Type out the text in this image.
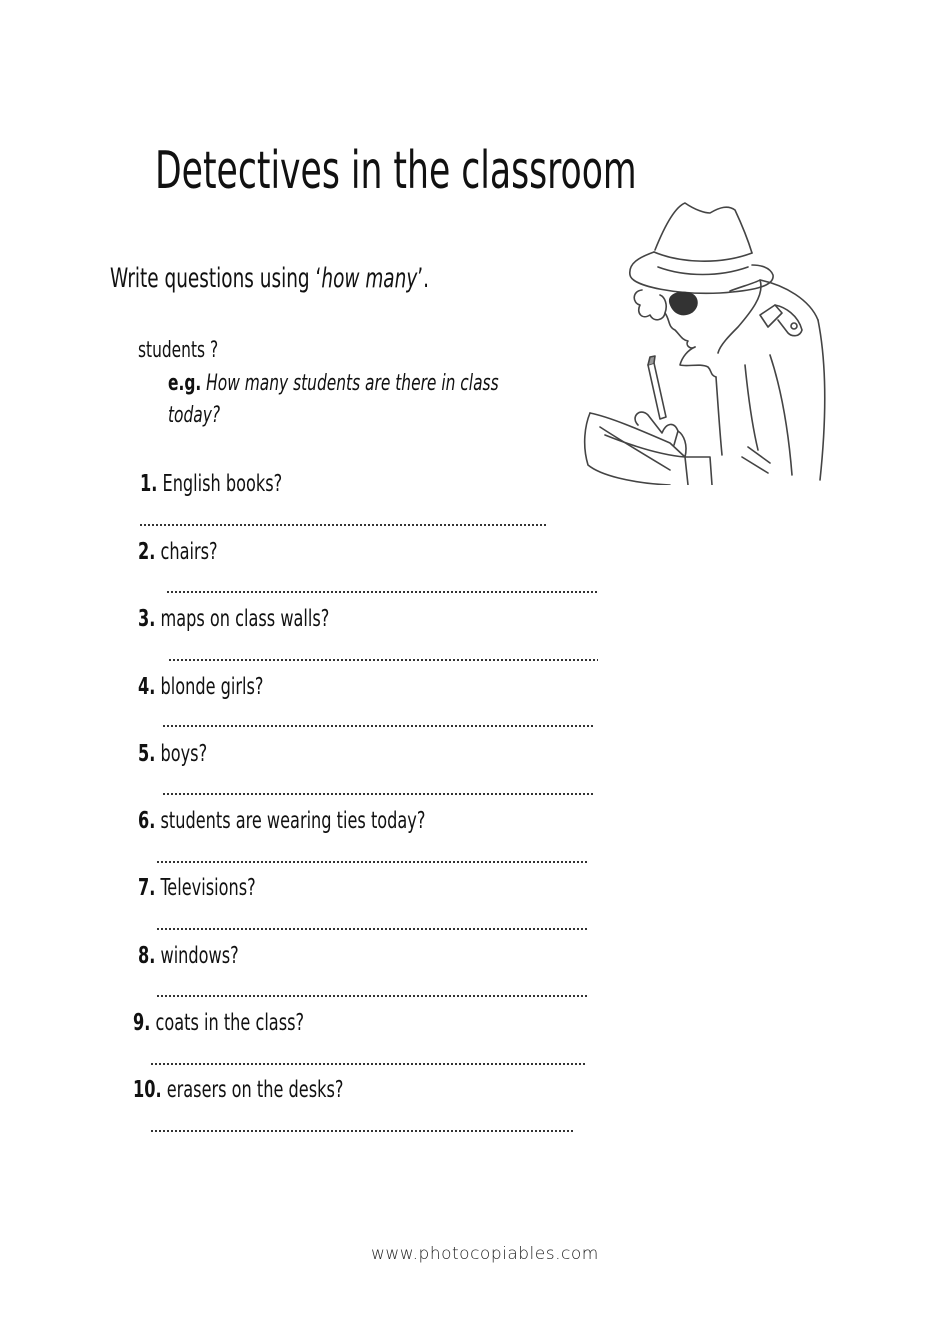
Detectives in the classroom
Write questions using ‘how many’.
students ?
e.g. How many students are there in class
today?
1. English books?
2. chairs?
3. maps on class walls?
4. blonde girls?
5. boys?
6. students are wearing ties today?
7. Televisions?
8. windows?
9. coats in the class?
10. erasers on the desks?
www.photocopiables.com
